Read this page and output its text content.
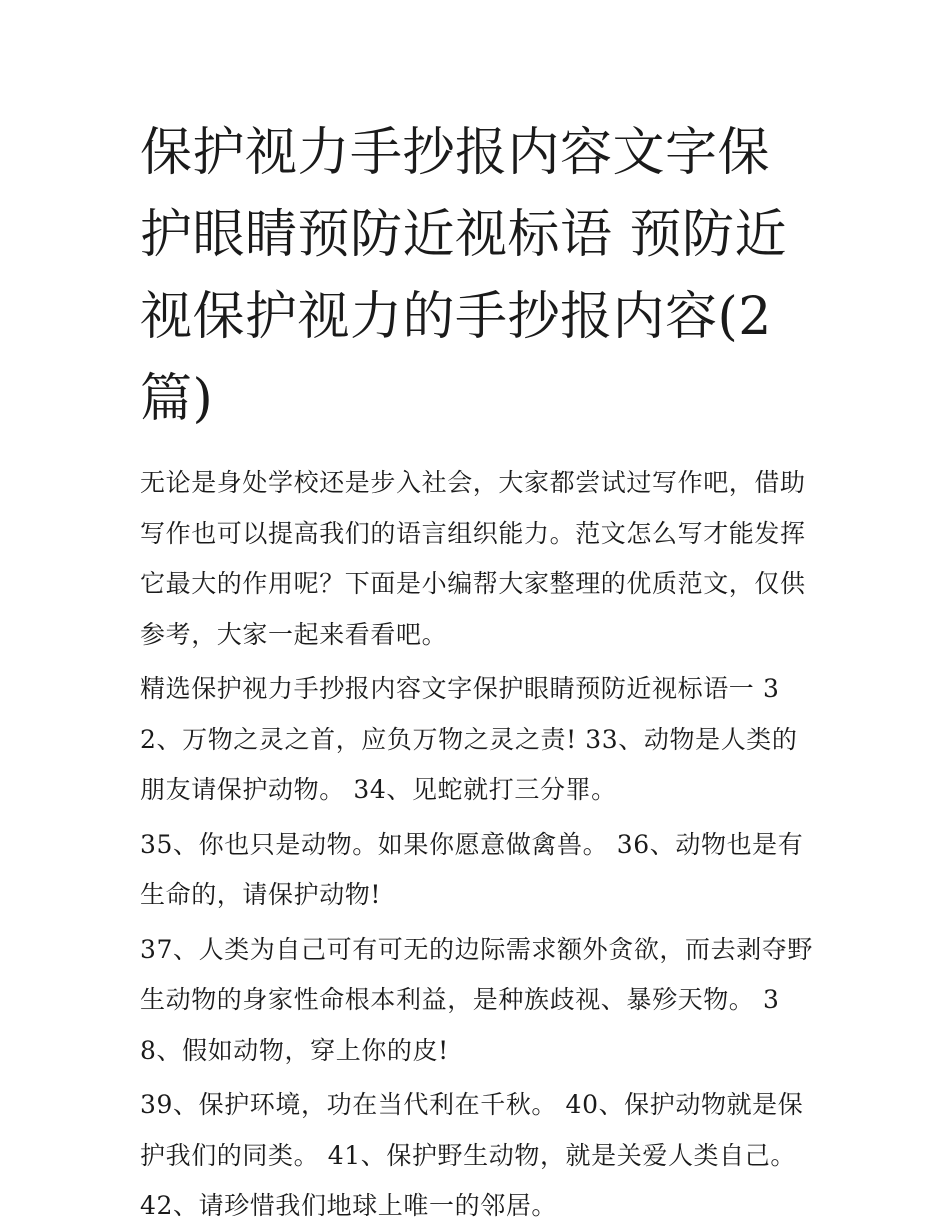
保护视力手抄报内容文字保护眼睛预防近视标语 预防近视保护视力的手抄报内容(2篇)

无论是身处学校还是步入社会，大家都尝试过写作吧，借助写作也可以提高我们的语言组织能力。范文怎么写才能发挥它最大的作用呢？下面是小编帮大家整理的优质范文，仅供参考，大家一起来看看吧。

精选保护视力手抄报内容文字保护眼睛预防近视标语一 32、万物之灵之首，应负万物之灵之责! 33、动物是人类的朋友请保护动物。 34、见蛇就打三分罪。

35、你也只是动物。如果你愿意做禽兽。 36、动物也是有生命的，请保护动物!

37、人类为自己可有可无的边际需求额外贪欲，而去剥夺野生动物的身家性命根本利益，是种族歧视、暴殄天物。 38、假如动物，穿上你的皮!

39、保护环境，功在当代利在千秋。 40、保护动物就是保护我们的同类。 41、保护野生动物，就是关爱人类自己。 42、请珍惜我们地球上唯一的邻居。
